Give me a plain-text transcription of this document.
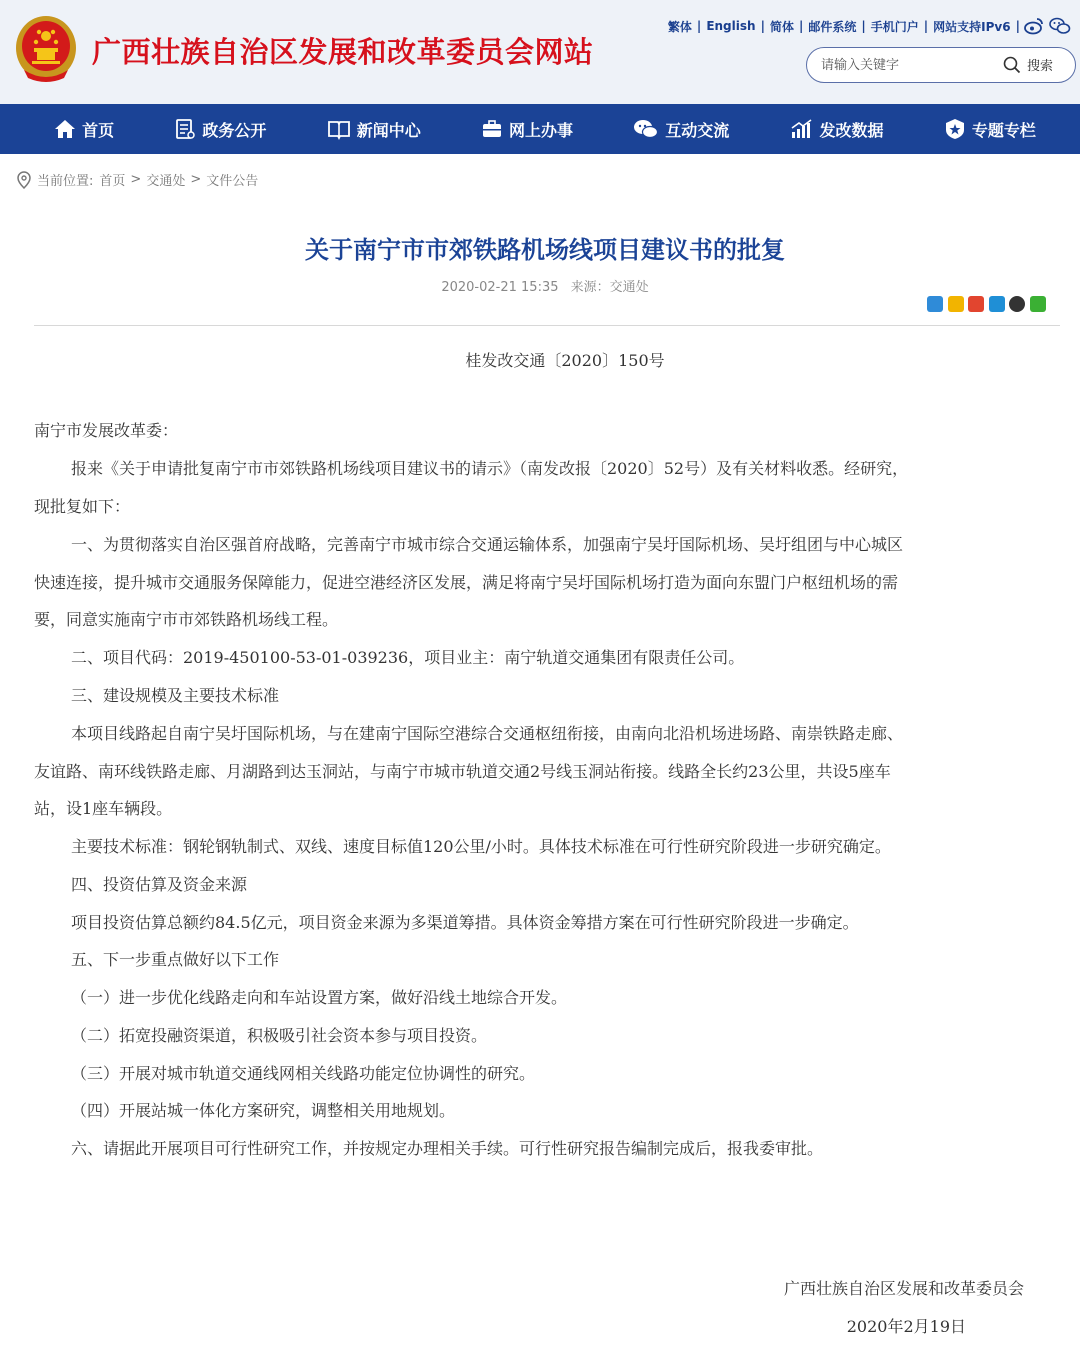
广西壮族自治区发展和改革委员会网站
繁体 | English | 简体 | 邮件系统 | 手机门户 | 网站支持IPv6 |
请输入关键字
搜索
首页	政务公开	新闻中心	网上办事	互动交流	发改数据	专题专栏
当前位置: 首页 > 交通处 > 文件公告
关于南宁市市郊铁路机场线项目建议书的批复
2020-02-21 15:35 来源：交通处
桂发改交通〔2020〕150号
南宁市发展改革委：
报来《关于申请批复南宁市市郊铁路机场线项目建议书的请示》（南发改报〔2020〕52号）及有关材料收悉。经研究，
现批复如下：
一、为贯彻落实自治区强首府战略，完善南宁市城市综合交通运输体系，加强南宁吴圩国际机场、吴圩组团与中心城区
快速连接，提升城市交通服务保障能力，促进空港经济区发展，满足将南宁吴圩国际机场打造为面向东盟门户枢纽机场的需
要，同意实施南宁市市郊铁路机场线工程。
二、项目代码：2019-450100-53-01-039236，项目业主：南宁轨道交通集团有限责任公司。
三、建设规模及主要技术标准
本项目线路起自南宁吴圩国际机场，与在建南宁国际空港综合交通枢纽衔接，由南向北沿机场进场路、南崇铁路走廊、
友谊路、南环线铁路走廊、月湖路到达玉洞站，与南宁市城市轨道交通2号线玉洞站衔接。线路全长约23公里，共设5座车
站，设1座车辆段。
主要技术标准：钢轮钢轨制式、双线、速度目标值120公里/小时。具体技术标准在可行性研究阶段进一步研究确定。
四、投资估算及资金来源
项目投资估算总额约84.5亿元，项目资金来源为多渠道筹措。具体资金筹措方案在可行性研究阶段进一步确定。
五、下一步重点做好以下工作
（一）进一步优化线路走向和车站设置方案，做好沿线土地综合开发。
（二）拓宽投融资渠道，积极吸引社会资本参与项目投资。
（三）开展对城市轨道交通线网相关线路功能定位协调性的研究。
（四）开展站城一体化方案研究，调整相关用地规划。
六、请据此开展项目可行性研究工作，并按规定办理相关手续。可行性研究报告编制完成后，报我委审批。
广西壮族自治区发展和改革委员会
2020年2月19日
